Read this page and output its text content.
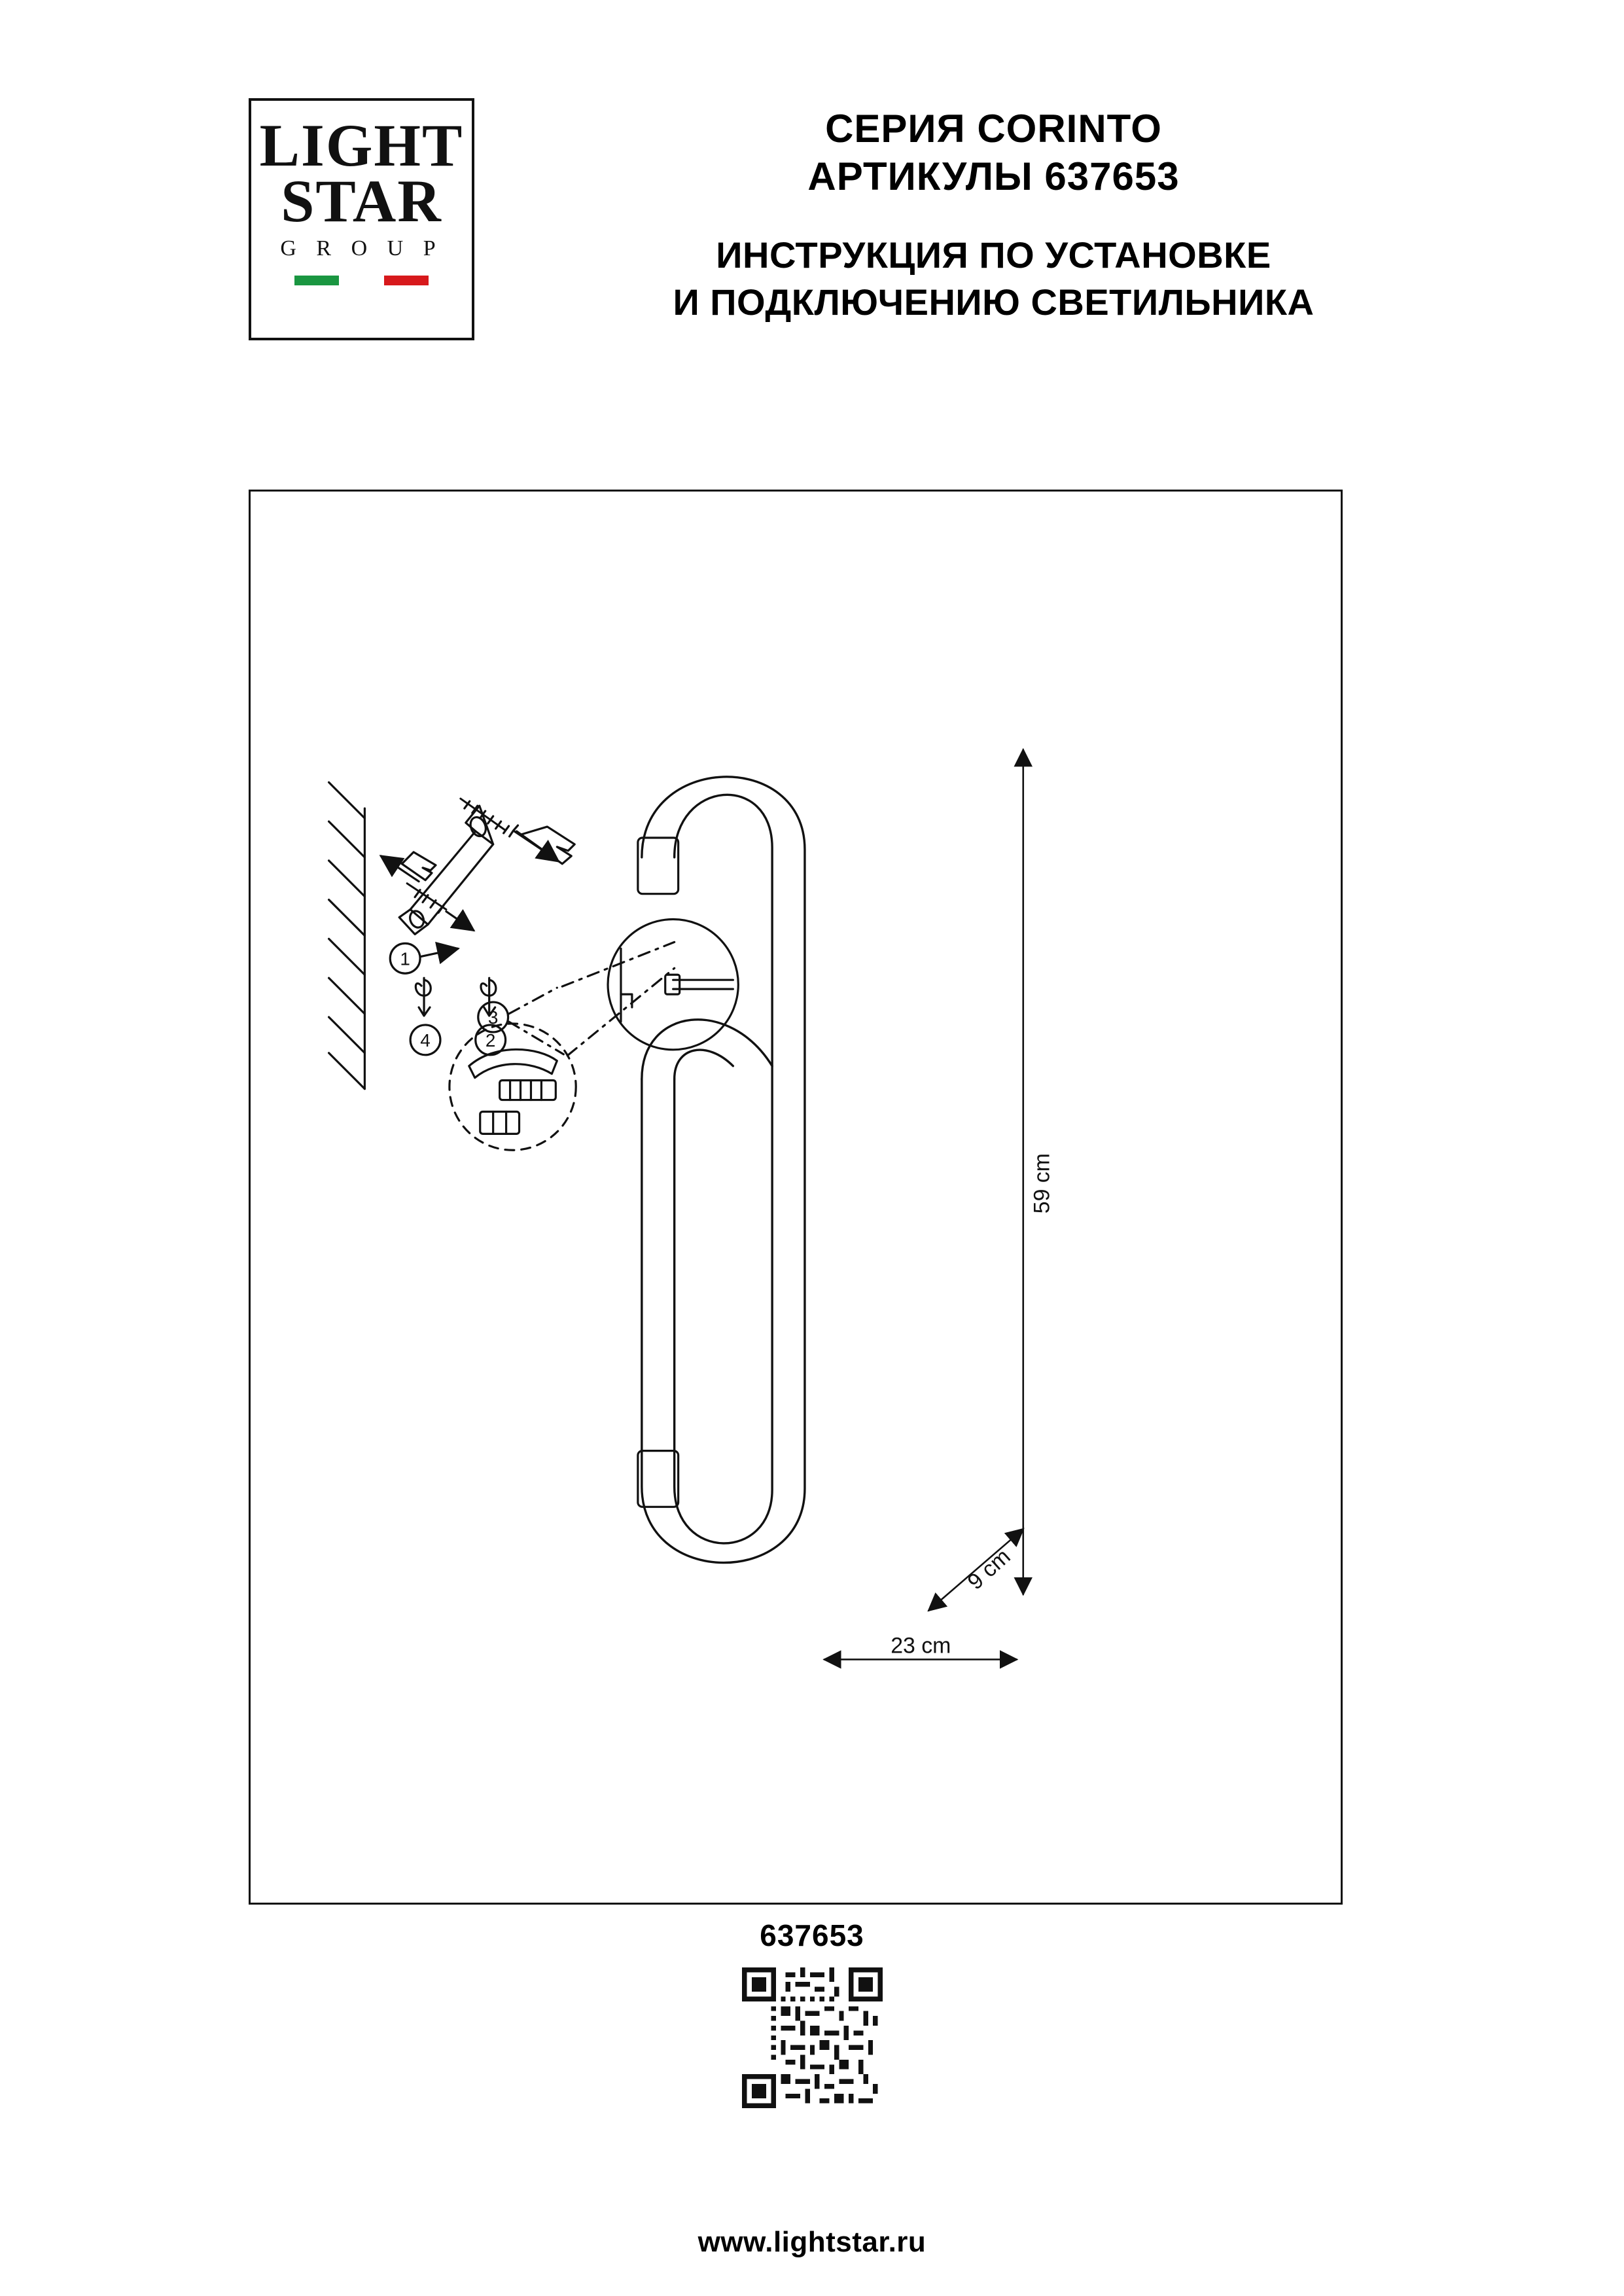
LIGHT
STAR
G R O U P
СЕРИЯ CORINTO
АРТИКУЛЫ 637653
ИНСТРУКЦИЯ ПО УСТАНОВКЕ
И ПОДКЛЮЧЕНИЮ СВЕТИЛЬНИКА
1
2
3
4
59 cm
23 cm
9 cm
637653
www.lightstar.ru
